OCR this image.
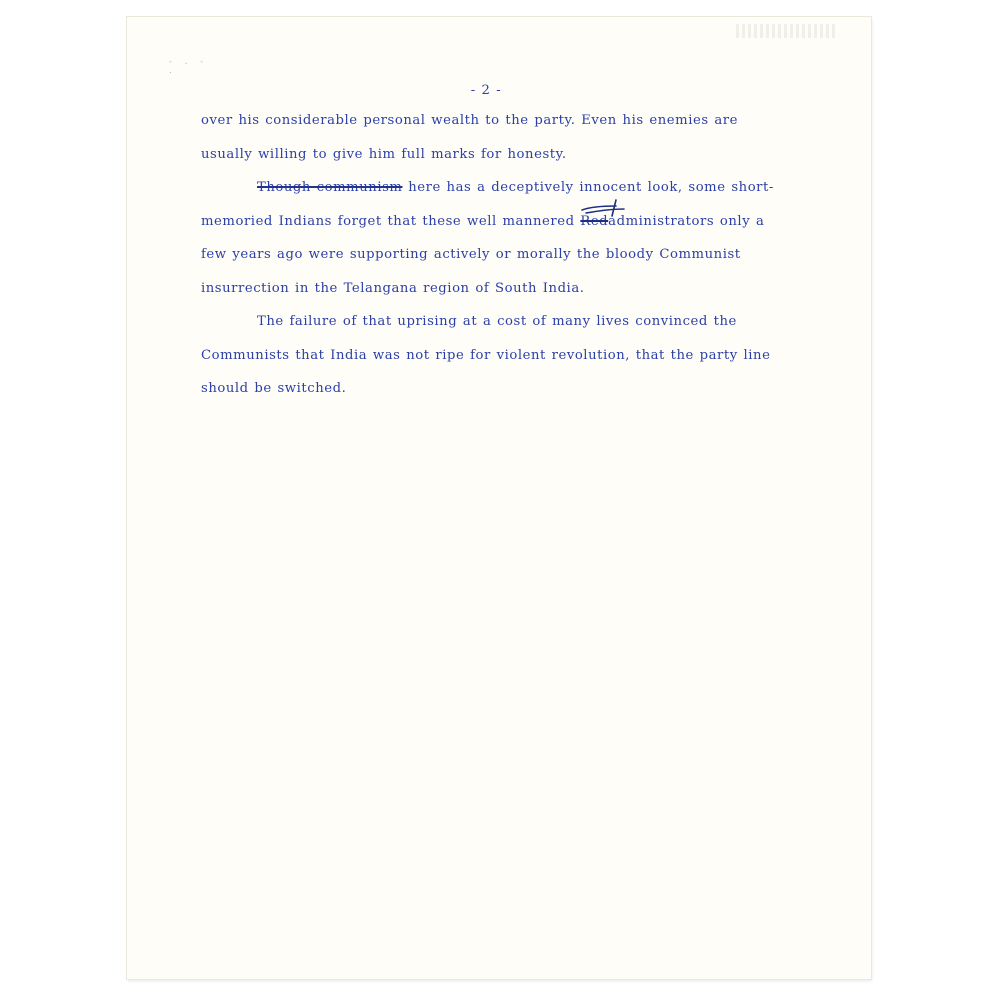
- . - .
- 2 -
over his considerable personal wealth to the party. Even his enemies are
usually willing to give him full marks for honesty.
Though communism here has a deceptively innocent look, some short-
memoried Indians forget that these well mannered Red
administrators only a
few years ago were supporting actively or morally the bloody Communist
insurrection in the Telangana region of South India.
The failure of that uprising at a cost of many lives convinced the
Communists that India was not ripe for violent revolution, that the party line
should be switched.
